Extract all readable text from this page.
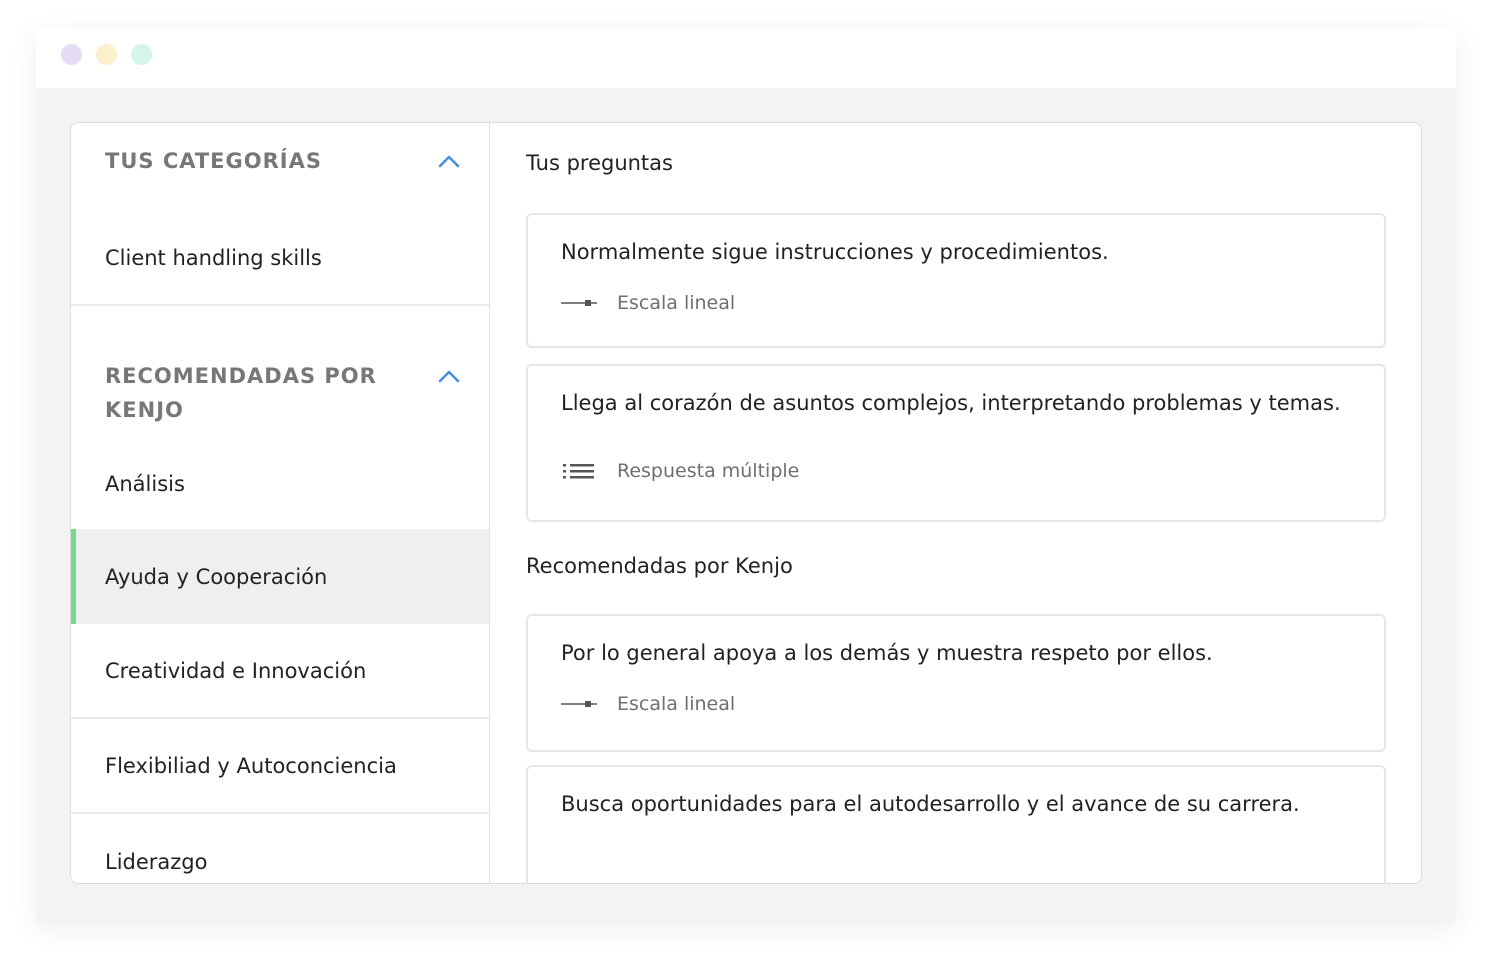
TUS CATEGORÍAS
Client handling skills
RECOMENDADAS POR
KENJO
Análisis
Ayuda y Cooperación
Creatividad e Innovación
Flexibiliad y Autoconciencia
Liderazgo
Tus preguntas
Normalmente sigue instrucciones y procedimientos.
Escala lineal
Llega al corazón de asuntos complejos, interpretando problemas y temas.
Respuesta múltiple
Recomendadas por Kenjo
Por lo general apoya a los demás y muestra respeto por ellos.
Escala lineal
Busca oportunidades para el autodesarrollo y el avance de su carrera.
